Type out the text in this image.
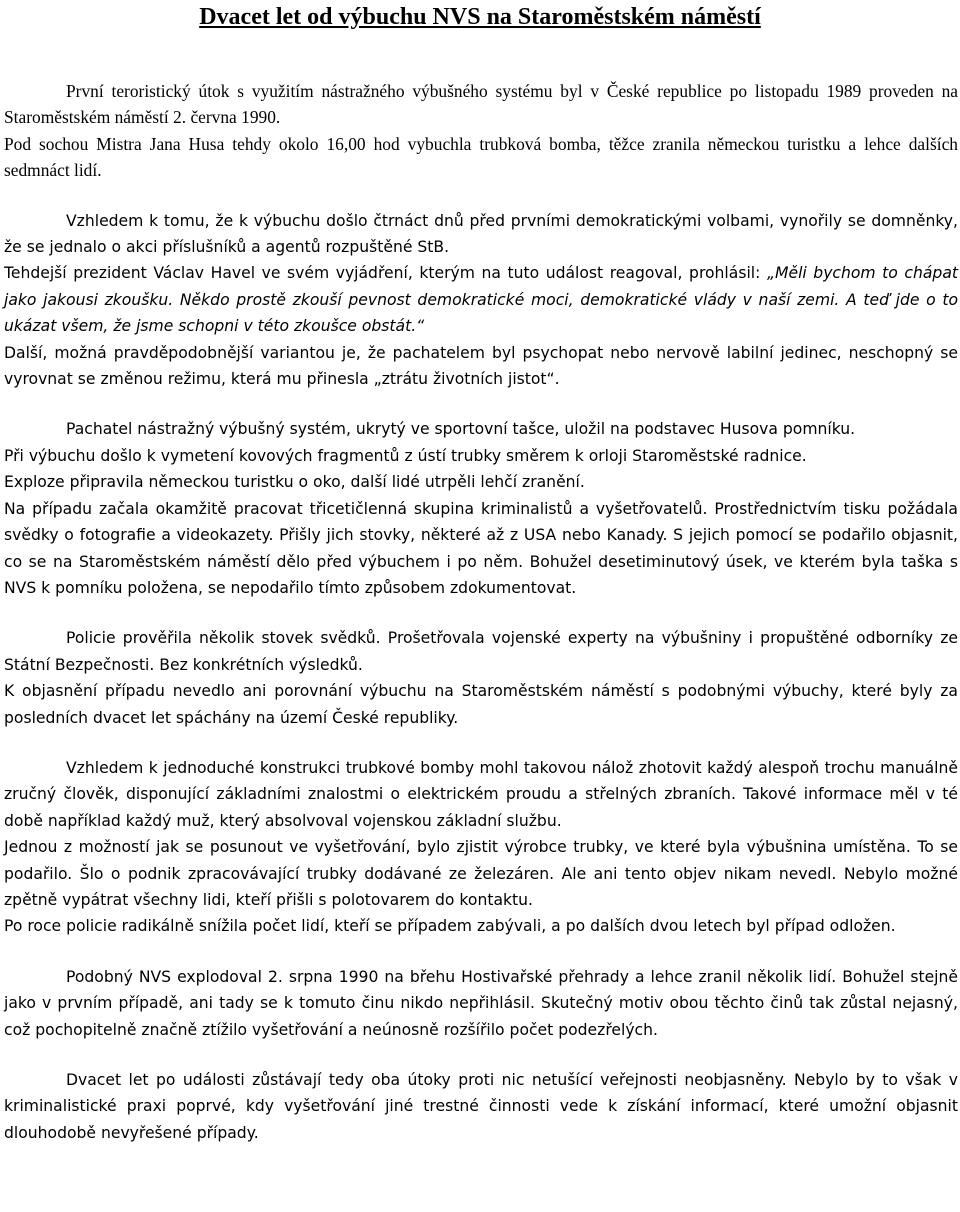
Dvacet let od výbuchu NVS na Staroměstském náměstí

První teroristický útok s využitím nástražného výbušného systému byl v České republice po listopadu 1989 proveden na Staroměstském náměstí 2. června 1990.

Pod sochou Mistra Jana Husa tehdy okolo 16,00 hod vybuchla trubková bomba, těžce zranila německou turistku a lehce dalších sedmnáct lidí.

Vzhledem k tomu, že k výbuchu došlo čtrnáct dnů před prvními demokratickými volbami, vynořily se domněnky, že se jednalo o akci příslušníků a agentů rozpuštěné StB.

Tehdejší prezident Václav Havel ve svém vyjádření, kterým na tuto událost reagoval, prohlásil: „Měli bychom to chápat jako jakousi zkoušku. Někdo prostě zkouší pevnost demokratické moci, demokratické vlády v naší zemi. A teď jde o to ukázat všem, že jsme schopni v této zkoušce obstát.“

Další, možná pravděpodobnější variantou je, že pachatelem byl psychopat nebo nervově labilní jedinec, neschopný se vyrovnat se změnou režimu, která mu přinesla „ztrátu životních jistot“.

Pachatel nástražný výbušný systém, ukrytý ve sportovní tašce, uložil na podstavec Husova pomníku.

Při výbuchu došlo k vymetení kovových fragmentů z ústí trubky směrem k orloji Staroměstské radnice.

Exploze připravila německou turistku o oko, další lidé utrpěli lehčí zranění.

Na případu začala okamžitě pracovat třicetičlenná skupina kriminalistů a vyšetřovatelů. Prostřednictvím tisku požádala svědky o fotografie a videokazety. Přišly jich stovky, některé až z USA nebo Kanady. S jejich pomocí se podařilo objasnit, co se na Staroměstském náměstí dělo před výbuchem i po něm. Bohužel desetiminutový úsek, ve kterém byla taška s NVS k pomníku položena, se nepodařilo tímto způsobem zdokumentovat.

Policie prověřila několik stovek svědků. Prošetřovala vojenské experty na výbušniny i propuštěné odborníky ze Státní Bezpečnosti. Bez konkrétních výsledků.

K objasnění případu nevedlo ani porovnání výbuchu na Staroměstském náměstí s podobnými výbuchy, které byly za posledních dvacet let spáchány na území České republiky.

Vzhledem k jednoduché konstrukci trubkové bomby mohl takovou nálož zhotovit každý alespoň trochu manuálně zručný člověk, disponující základními znalostmi o elektrickém proudu a střelných zbraních. Takové informace měl v té době například každý muž, který absolvoval vojenskou základní službu.

Jednou z možností jak se posunout ve vyšetřování, bylo zjistit výrobce trubky, ve které byla výbušnina umístěna. To se podařilo. Šlo o podnik zpracovávající trubky dodávané ze železáren. Ale ani tento objev nikam nevedl. Nebylo možné zpětně vypátrat všechny lidi, kteří přišli s polotovarem do kontaktu.

Po roce policie radikálně snížila počet lidí, kteří se případem zabývali, a po dalších dvou letech byl případ odložen.

Podobný NVS explodoval 2. srpna 1990 na břehu Hostivařské přehrady a lehce zranil několik lidí. Bohužel stejně jako v prvním případě, ani tady se k tomuto činu nikdo nepřihlásil. Skutečný motiv obou těchto činů tak zůstal nejasný, což pochopitelně značně ztížilo vyšetřování a neúnosně rozšířilo počet podezřelých.

Dvacet let po události zůstávají tedy oba útoky proti nic netušící veřejnosti neobjasněny. Nebylo by to však v kriminalistické praxi poprvé, kdy vyšetřování jiné trestné činnosti vede k získání informací, které umožní objasnit dlouhodobě nevyřešené případy.
